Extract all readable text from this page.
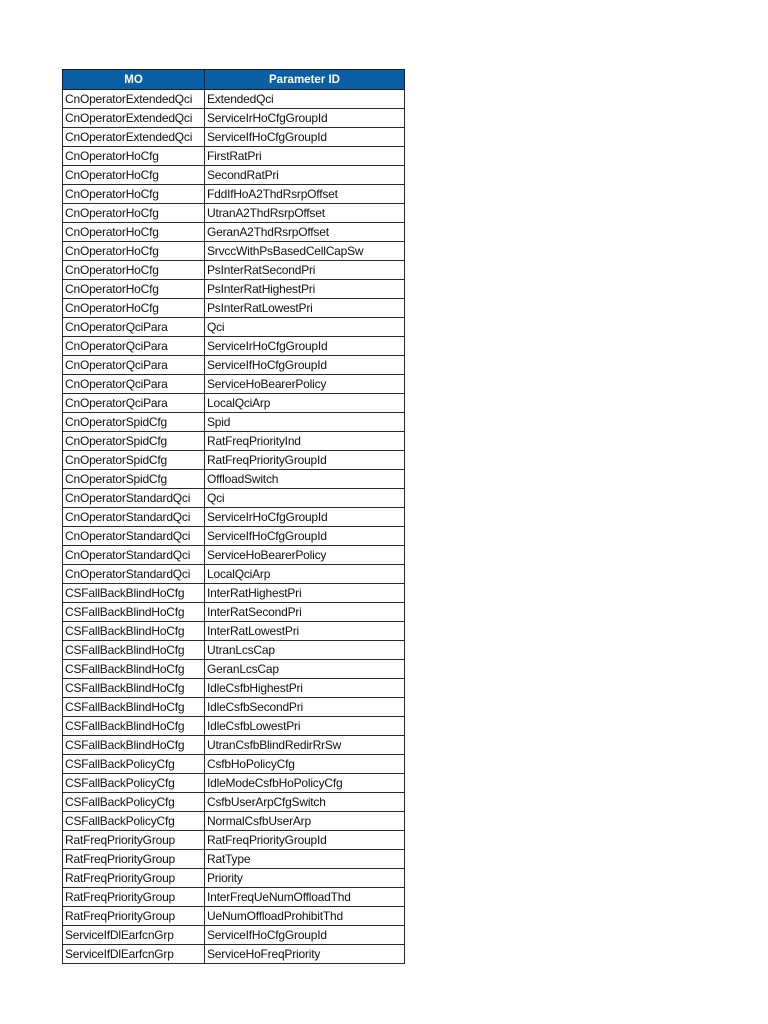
MO	Parameter ID
CnOperatorExtendedQci	ExtendedQci
CnOperatorExtendedQci	ServiceIrHoCfgGroupId
CnOperatorExtendedQci	ServiceIfHoCfgGroupId
CnOperatorHoCfg	FirstRatPri
CnOperatorHoCfg	SecondRatPri
CnOperatorHoCfg	FddIfHoA2ThdRsrpOffset
CnOperatorHoCfg	UtranA2ThdRsrpOffset
CnOperatorHoCfg	GeranA2ThdRsrpOffset
CnOperatorHoCfg	SrvccWithPsBasedCellCapSw
CnOperatorHoCfg	PsInterRatSecondPri
CnOperatorHoCfg	PsInterRatHighestPri
CnOperatorHoCfg	PsInterRatLowestPri
CnOperatorQciPara	Qci
CnOperatorQciPara	ServiceIrHoCfgGroupId
CnOperatorQciPara	ServiceIfHoCfgGroupId
CnOperatorQciPara	ServiceHoBearerPolicy
CnOperatorQciPara	LocalQciArp
CnOperatorSpidCfg	Spid
CnOperatorSpidCfg	RatFreqPriorityInd
CnOperatorSpidCfg	RatFreqPriorityGroupId
CnOperatorSpidCfg	OffloadSwitch
CnOperatorStandardQci	Qci
CnOperatorStandardQci	ServiceIrHoCfgGroupId
CnOperatorStandardQci	ServiceIfHoCfgGroupId
CnOperatorStandardQci	ServiceHoBearerPolicy
CnOperatorStandardQci	LocalQciArp
CSFallBackBlindHoCfg	InterRatHighestPri
CSFallBackBlindHoCfg	InterRatSecondPri
CSFallBackBlindHoCfg	InterRatLowestPri
CSFallBackBlindHoCfg	UtranLcsCap
CSFallBackBlindHoCfg	GeranLcsCap
CSFallBackBlindHoCfg	IdleCsfbHighestPri
CSFallBackBlindHoCfg	IdleCsfbSecondPri
CSFallBackBlindHoCfg	IdleCsfbLowestPri
CSFallBackBlindHoCfg	UtranCsfbBlindRedirRrSw
CSFallBackPolicyCfg	CsfbHoPolicyCfg
CSFallBackPolicyCfg	IdleModeCsfbHoPolicyCfg
CSFallBackPolicyCfg	CsfbUserArpCfgSwitch
CSFallBackPolicyCfg	NormalCsfbUserArp
RatFreqPriorityGroup	RatFreqPriorityGroupId
RatFreqPriorityGroup	RatType
RatFreqPriorityGroup	Priority
RatFreqPriorityGroup	InterFreqUeNumOffloadThd
RatFreqPriorityGroup	UeNumOffloadProhibitThd
ServiceIfDlEarfcnGrp	ServiceIfHoCfgGroupId
ServiceIfDlEarfcnGrp	ServiceHoFreqPriority
